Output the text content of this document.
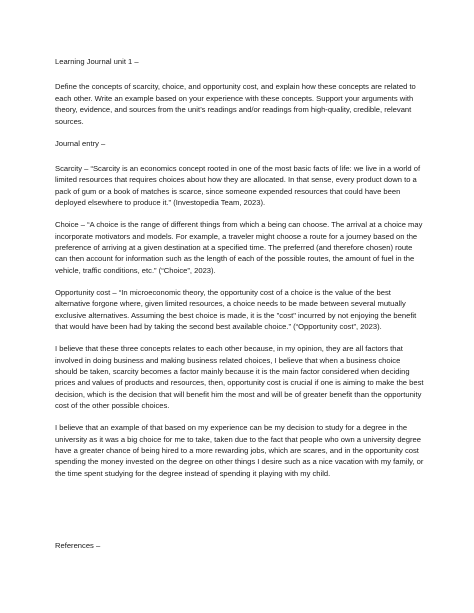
Learning Journal unit 1 –

Define the concepts of scarcity, choice, and opportunity cost, and explain how these concepts are related to each other. Write an example based on your experience with these concepts. Support your arguments with theory, evidence, and sources from the unit’s readings and/or readings from high-quality, credible, relevant sources.

Journal entry –

Scarcity – “Scarcity is an economics concept rooted in one of the most basic facts of life: we live in a world of limited resources that requires choices about how they are allocated. In that sense, every product down to a pack of gum or a book of matches is scarce, since someone expended resources that could have been deployed elsewhere to produce it.” (Investopedia Team, 2023).

Choice – “A choice is the range of different things from which a being can choose. The arrival at a choice may incorporate motivators and models. For example, a traveler might choose a route for a journey based on the preference of arriving at a given destination at a specified time. The preferred (and therefore chosen) route can then account for information such as the length of each of the possible routes, the amount of fuel in the vehicle, traffic conditions, etc.” (“Choice”, 2023).

Opportunity cost – “In microeconomic theory, the opportunity cost of a choice is the value of the best alternative forgone where, given limited resources, a choice needs to be made between several mutually exclusive alternatives. Assuming the best choice is made, it is the "cost" incurred by not enjoying the benefit that would have been had by taking the second best available choice.” (“Opportunity cost”, 2023).

I believe that these three concepts relates to each other because, in my opinion, they are all factors that involved in doing business and making business related choices, I believe that when a business choice should be taken, scarcity becomes a factor mainly because it is the main factor considered when deciding prices and values of products and resources, then, opportunity cost is crucial if one is aiming to make the best decision, which is the decision that will benefit him the most and will be of greater benefit than the opportunity cost of the other possible choices.

I believe that an example of that based on my experience can be my decision to study for a degree in the university as it was a big choice for me to take, taken due to the fact that people who own a university degree have a greater chance of being hired to a more rewarding jobs, which are scares, and in the opportunity cost spending the money invested on the degree on other things I desire such as a nice vacation with my family, or the time spent studying for the degree instead of spending it playing with my child.

References –
